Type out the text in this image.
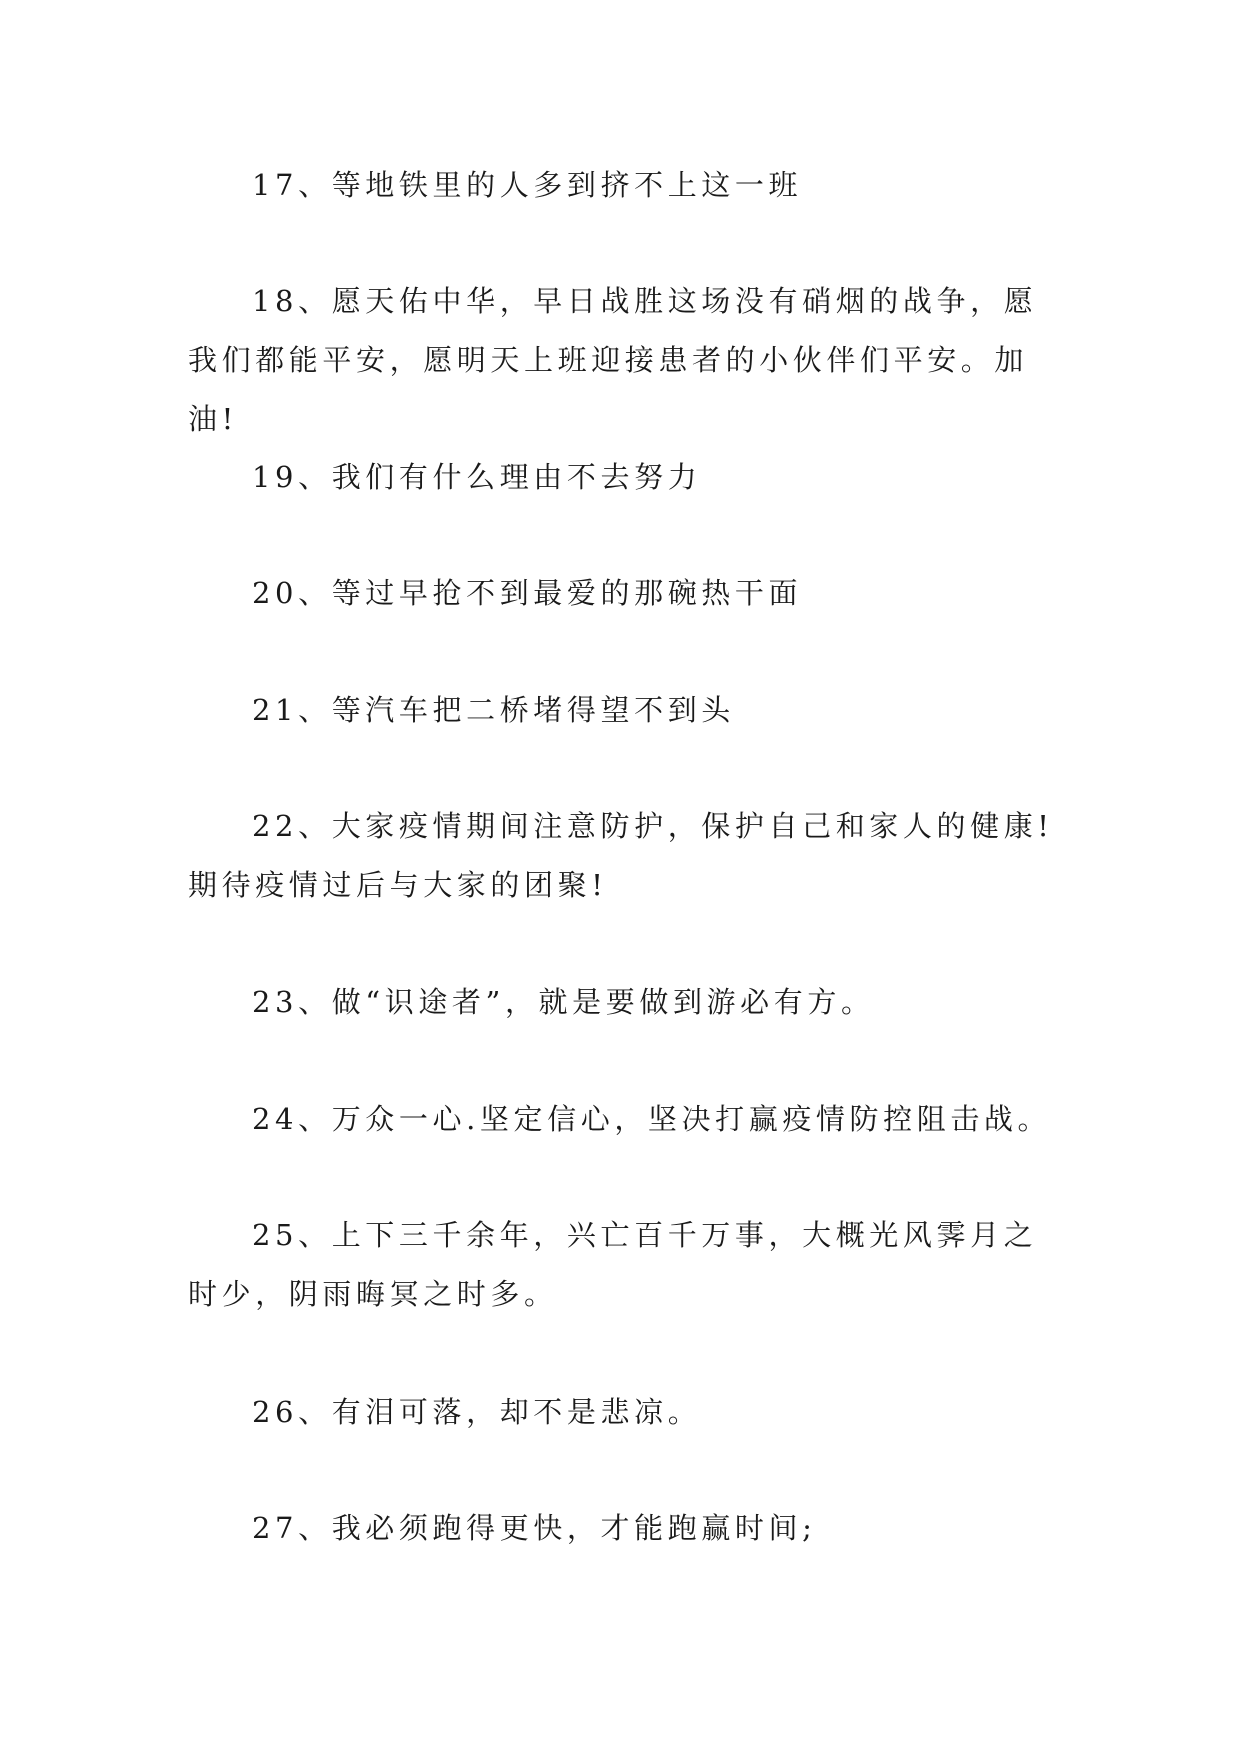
17、等地铁里的人多到挤不上这一班

18、愿天佑中华，早日战胜这场没有硝烟的战争，愿我们都能平安，愿明天上班迎接患者的小伙伴们平安。加油!

19、我们有什么理由不去努力

20、等过早抢不到最爱的那碗热干面

21、等汽车把二桥堵得望不到头

22、大家疫情期间注意防护，保护自己和家人的健康!期待疫情过后与大家的团聚!

23、做“识途者”，就是要做到游必有方。

24、万众一心.坚定信心，坚决打赢疫情防控阻击战。

25、上下三千余年，兴亡百千万事，大概光风霁月之时少，阴雨晦冥之时多。

26、有泪可落，却不是悲凉。

27、我必须跑得更快，才能跑赢时间;
